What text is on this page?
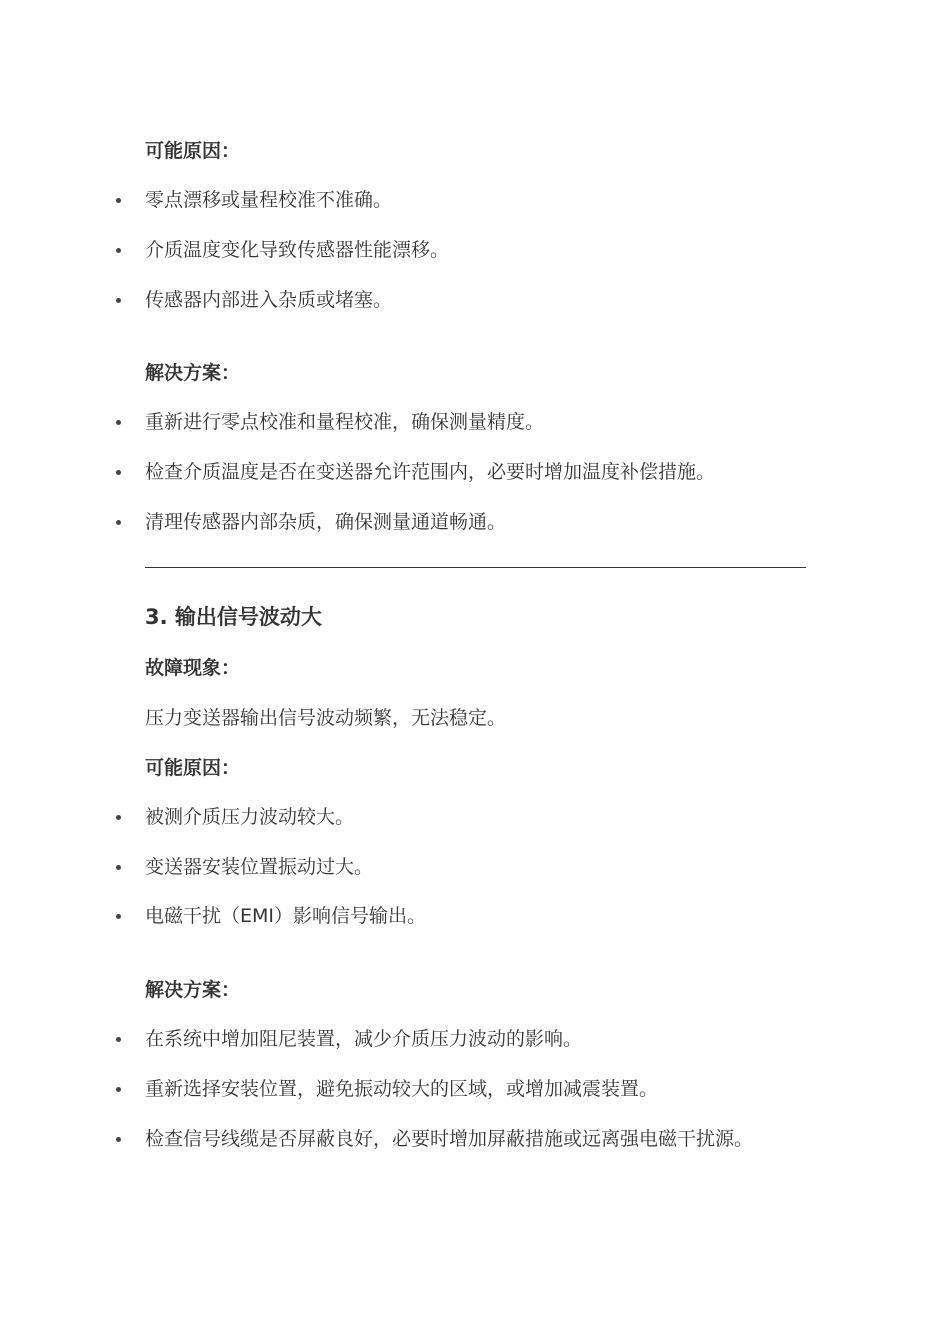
可能原因：
零点漂移或量程校准不准确。
介质温度变化导致传感器性能漂移。
传感器内部进入杂质或堵塞。
解决方案：
重新进行零点校准和量程校准，确保测量精度。
检查介质温度是否在变送器允许范围内，必要时增加温度补偿措施。
清理传感器内部杂质，确保测量通道畅通。
3. 输出信号波动大
故障现象：
压力变送器输出信号波动频繁，无法稳定。
可能原因：
被测介质压力波动较大。
变送器安装位置振动过大。
电磁干扰（EMI）影响信号输出。
解决方案：
在系统中增加阻尼装置，减少介质压力波动的影响。
重新选择安装位置，避免振动较大的区域，或增加减震装置。
检查信号线缆是否屏蔽良好，必要时增加屏蔽措施或远离强电磁干扰源。
